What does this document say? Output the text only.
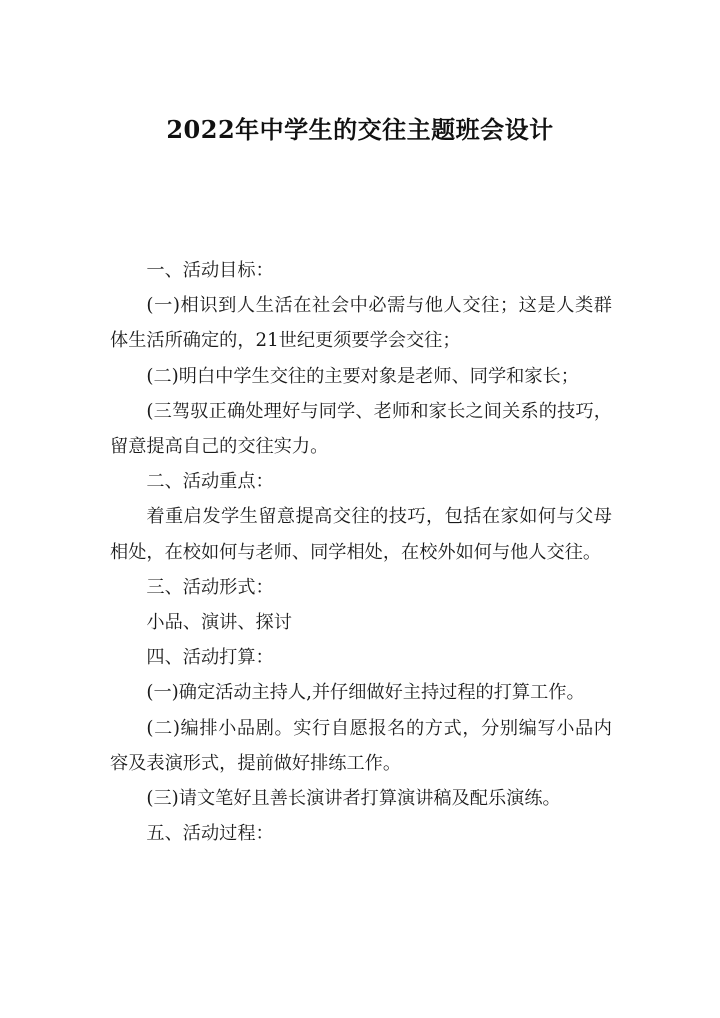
2022年中学生的交往主题班会设计

一、活动目标：

(一)相识到人生活在社会中必需与他人交往；这是人类群体生活所确定的，21世纪更须要学会交往；

(二)明白中学生交往的主要对象是老师、同学和家长；

(三驾驭正确处理好与同学、老师和家长之间关系的技巧，留意提高自己的交往实力。

二、活动重点：

着重启发学生留意提高交往的技巧，包括在家如何与父母相处，在校如何与老师、同学相处，在校外如何与他人交往。

三、活动形式：

小品、演讲、探讨

四、活动打算：

(一)确定活动主持人,并仔细做好主持过程的打算工作。

(二)编排小品剧。实行自愿报名的方式，分别编写小品内容及表演形式，提前做好排练工作。

(三)请文笔好且善长演讲者打算演讲稿及配乐演练。

五、活动过程：
